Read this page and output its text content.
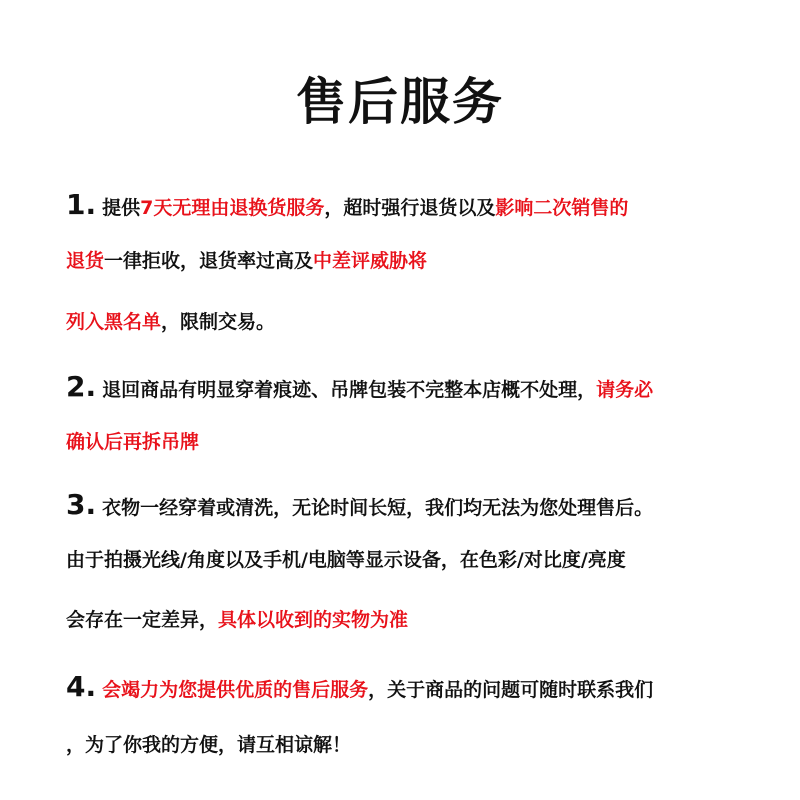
售后服务
1. 提供7天无理由退换货服务，超时强行退货以及影响二次销售的
退货一律拒收，退货率过高及中差评威胁将
列入黑名单，限制交易。
2. 退回商品有明显穿着痕迹、吊牌包装不完整本店概不处理，请务必
确认后再拆吊牌
3. 衣物一经穿着或清洗，无论时间长短，我们均无法为您处理售后。
由于拍摄光线/角度以及手机/电脑等显示设备，在色彩/对比度/亮度
会存在一定差异，具体以收到的实物为准
4. 会竭力为您提供优质的售后服务，关于商品的问题可随时联系我们
，为了你我的方便，请互相谅解！
